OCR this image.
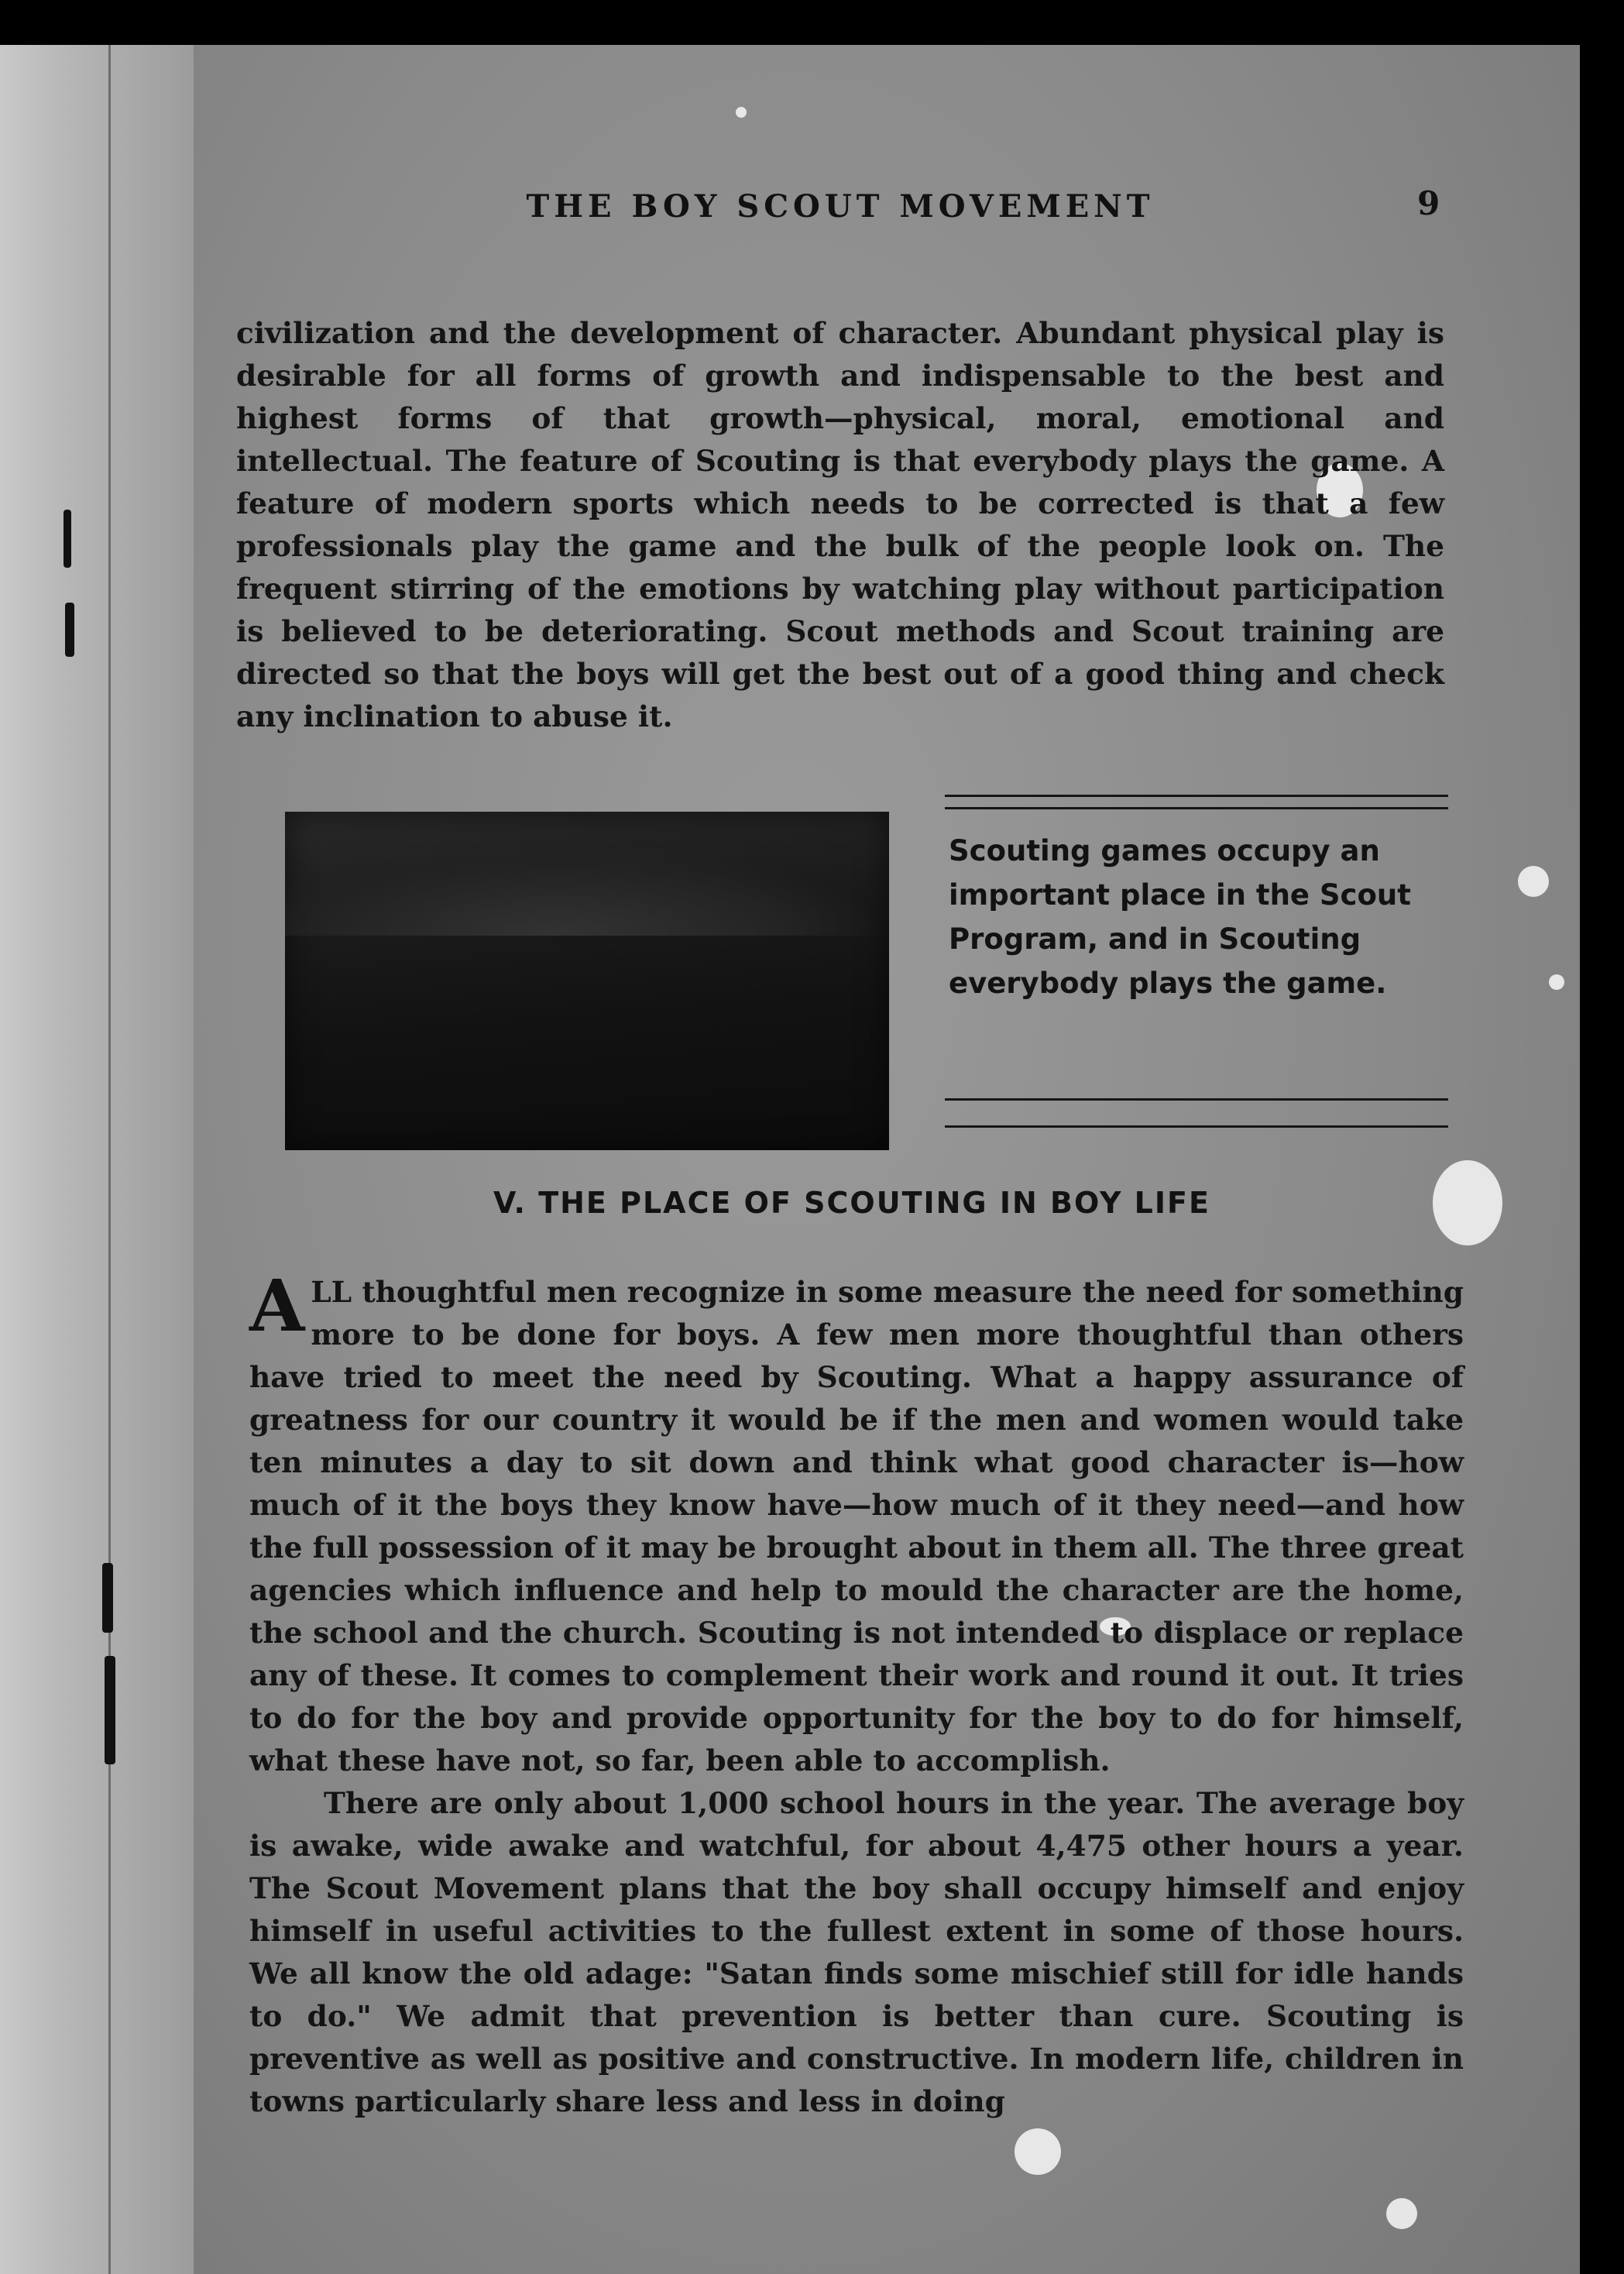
THE BOY SCOUT MOVEMENT	9

civilization and the development of character. Abundant physical play is desirable for all forms of growth and indispensable to the best and highest forms of that growth—physical, moral, emotional and intellectual. The feature of Scouting is that everybody plays the game. A feature of modern sports which needs to be corrected is that a few professionals play the game and the bulk of the people look on. The frequent stirring of the emotions by watching play without participation is believed to be deteriorating. Scout methods and Scout training are directed so that the boys will get the best out of a good thing and check any inclination to abuse it.

Scouting games occupy an important place in the Scout Program, and in Scouting everybody plays the game.
V. THE PLACE OF SCOUTING IN BOY LIFE

ALL thoughtful men recognize in some measure the need for something more to be done for boys. A few men more thoughtful than others have tried to meet the need by Scouting. What a happy assurance of greatness for our country it would be if the men and women would take ten minutes a day to sit down and think what good character is—how much of it the boys they know have—how much of it they need—and how the full possession of it may be brought about in them all. The three great agencies which influence and help to mould the character are the home, the school and the church. Scouting is not intended to displace or replace any of these. It comes to complement their work and round it out. It tries to do for the boy and provide opportunity for the boy to do for himself, what these have not, so far, been able to accomplish.

There are only about 1,000 school hours in the year. The average boy is awake, wide awake and watchful, for about 4,475 other hours a year. The Scout Movement plans that the boy shall occupy himself and enjoy himself in useful activities to the fullest extent in some of those hours. We all know the old adage: "Satan finds some mischief still for idle hands to do." We admit that prevention is better than cure. Scouting is preventive as well as positive and constructive. In modern life, children in towns particularly share less and less in doing
